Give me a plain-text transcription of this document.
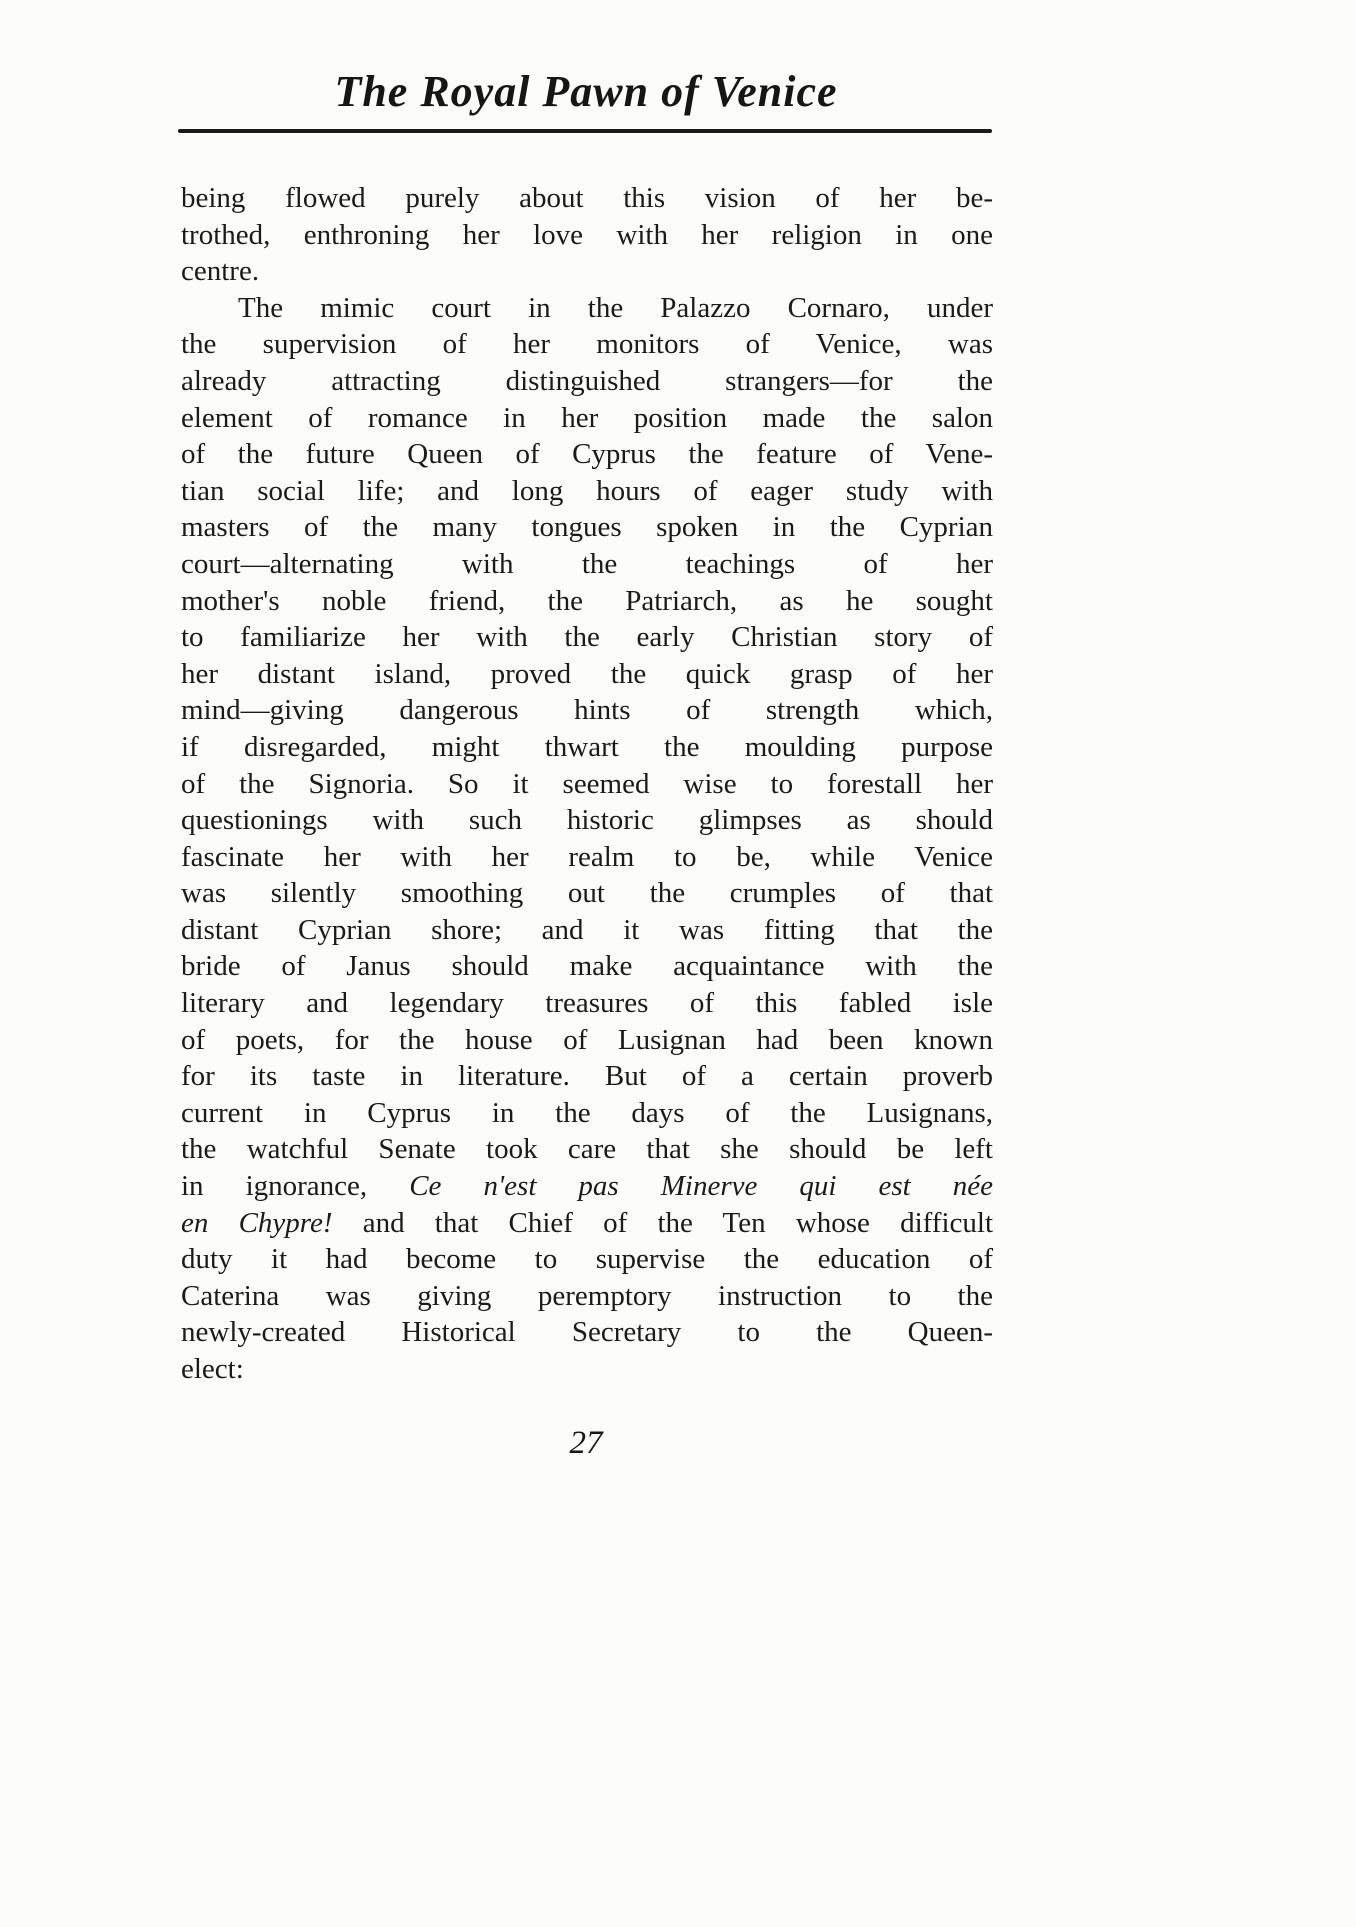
The Royal Pawn of Venice
being flowed purely about this vision of her be-
trothed, enthroning her love with her religion in one
centre.
The mimic court in the Palazzo Cornaro, under
the supervision of her monitors of Venice, was
already attracting distinguished strangers—for the
element of romance in her position made the salon
of the future Queen of Cyprus the feature of Vene-
tian social life; and long hours of eager study with
masters of the many tongues spoken in the Cyprian
court—alternating with the teachings of her
mother's noble friend, the Patriarch, as he sought
to familiarize her with the early Christian story of
her distant island, proved the quick grasp of her
mind—giving dangerous hints of strength which,
if disregarded, might thwart the moulding purpose
of the Signoria. So it seemed wise to forestall her
questionings with such historic glimpses as should
fascinate her with her realm to be, while Venice
was silently smoothing out the crumples of that
distant Cyprian shore; and it was fitting that the
bride of Janus should make acquaintance with the
literary and legendary treasures of this fabled isle
of poets, for the house of Lusignan had been known
for its taste in literature. But of a certain proverb
current in Cyprus in the days of the Lusignans,
the watchful Senate took care that she should be left
in ignorance, Ce n'est pas Minerve qui est née
en Chypre! and that Chief of the Ten whose difficult
duty it had become to supervise the education of
Caterina was giving peremptory instruction to the
newly-created Historical Secretary to the Queen-
elect:
27
